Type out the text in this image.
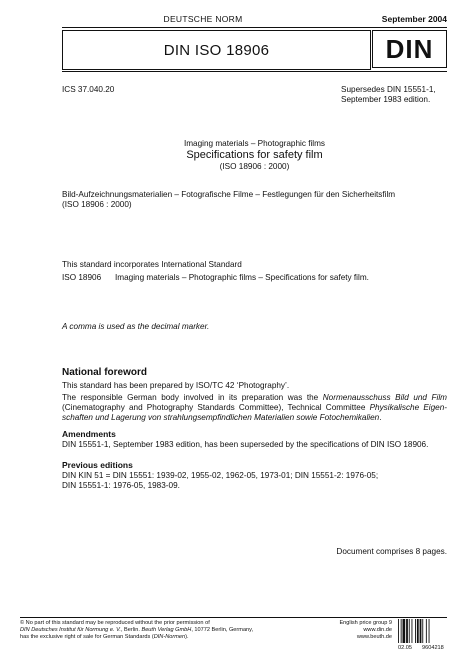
DEUTSCHE NORM	September 2004
DIN ISO 18906	DIN
ICS 37.040.20	Supersedes DIN 15551-1,
September 1983 edition.
Imaging materials – Photographic films
Specifications for safety film
(ISO 18906 : 2000)
Bild-Aufzeichnungsmaterialien – Fotografische Filme – Festlegungen für den Sicherheitsfilm
(ISO 18906 : 2000)
This standard incorporates International Standard
ISO 18906 Imaging materials – Photographic films – Specifications for safety film.
A comma is used as the decimal marker.
National foreword
This standard has been prepared by ISO/TC 42 ‘Photography’.
The responsible German body involved in its preparation was the Normenausschuss Bild und Film (Cinematography and Photography Standards Committee), Technical Committee Physikalische Eigen-schaften und Lagerung von strahlungsempfindlichen Materialien sowie Fotochemikalien.
Amendments
DIN 15551-1, September 1983 edition, has been superseded by the specifications of DIN ISO 18906.
Previous editions
DIN KIN 51 = DIN 15551: 1939-02, 1955-02, 1962-05, 1973-01; DIN 15551-2: 1976-05;
DIN 15551-1: 1976-05, 1983-09.
Document comprises 8 pages.
© No part of this standard may be reproduced without the prior permission of
DIN Deutsches Institut für Normung e. V., Berlin. Beuth Verlag GmbH, 10772 Berlin, Germany,
has the exclusive right of sale for German Standards (DIN-Normen).
English price group 9
www.din.de
www.beuth.de
02.05 9604218
